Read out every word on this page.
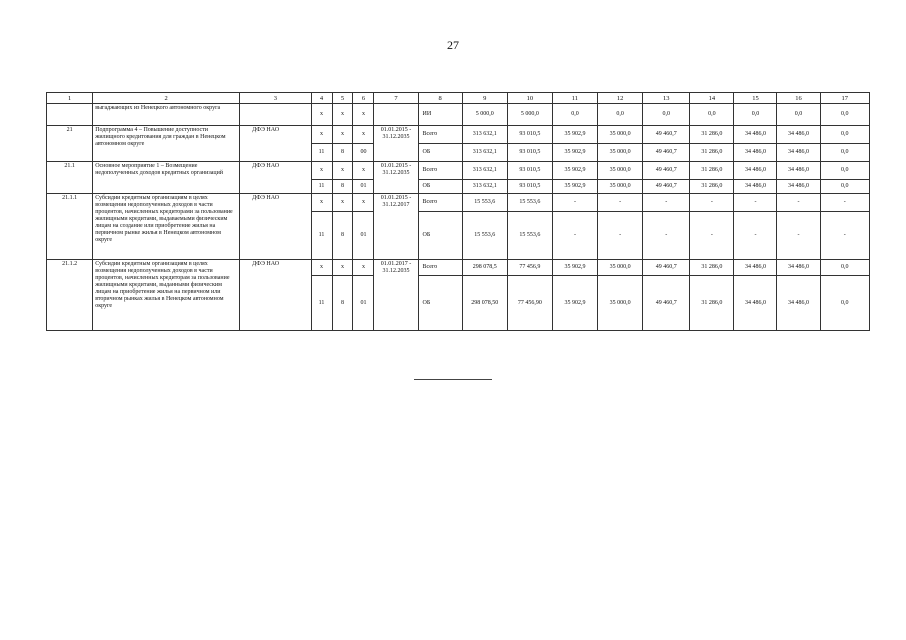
27
1	2	3	4	5	6	7	8	9	10	11	12	13	14	15	16	17
	выгаджающих из Ненецкого автономного округа		х	х	х		ИИ	5 000,0	5 000,0	0,0	0,0	0,0	0,0	0,0	0,0	0,0
21	Подпрограмма 4 – Повышение доступности жилищного кредитования для граждан в Ненецком автономном округе	ДФЭ НАО	х	х	х	01.01.2015 - 31.12.2035	Всего	313 632,1	93 010,5	35 902,9	35 000,0	49 460,7	31 286,0	34 486,0	34 486,0	0,0
			11	8	00		ОБ	313 632,1	93 010,5	35 902,9	35 000,0	49 460,7	31 286,0	34 486,0	34 486,0	0,0
21.1	Основное мероприятие 1 – Возмещение недополученных доходов кредитных организаций	ДФЭ НАО	х	х	х	01.01.2015 - 31.12.2035	Всего	313 632,1	93 010,5	35 902,9	35 000,0	49 460,7	31 286,0	34 486,0	34 486,0	0,0
			11	8	01		ОБ	313 632,1	93 010,5	35 902,9	35 000,0	49 460,7	31 286,0	34 486,0	34 486,0	0,0
21.1.1	Субсидии кредитным организациям в целях возмещения недополученных доходов в части процентов, начисленных кредиторами за пользование жилищными кредитами, выдаваемыми физическим лицам на создание или приобретение жилья на первичном рынке жилья в Ненецком автономном округе	ДФЭ НАО	х	х	х	01.01.2015 - 31.12.2017	Всего	15 553,6	15 553,6	-	-	-	-	-	-	-
			11	8	01		ОБ	15 553,6	15 553,6	-	-	-	-	-	-	-
21.1.2	Субсидии кредитным организациям в целях возмещения недополученных доходов в части процентов, начисленных кредиторам за пользование жилищными кредитами, выданными физическим лицам на приобретение жилья на первичном или вторичном рынках жилья в Ненецком автономном округе	ДФЭ НАО	х	х	х	01.01.2017 - 31.12.2035	Всего	298 078,5	77 456,9	35 902,9	35 000,0	49 460,7	31 286,0	34 486,0	34 486,0	0,0
			11	8	01		ОБ	298 078,50	77 456,90	35 902,9	35 000,0	49 460,7	31 286,0	34 486,0	34 486,0	0,0
